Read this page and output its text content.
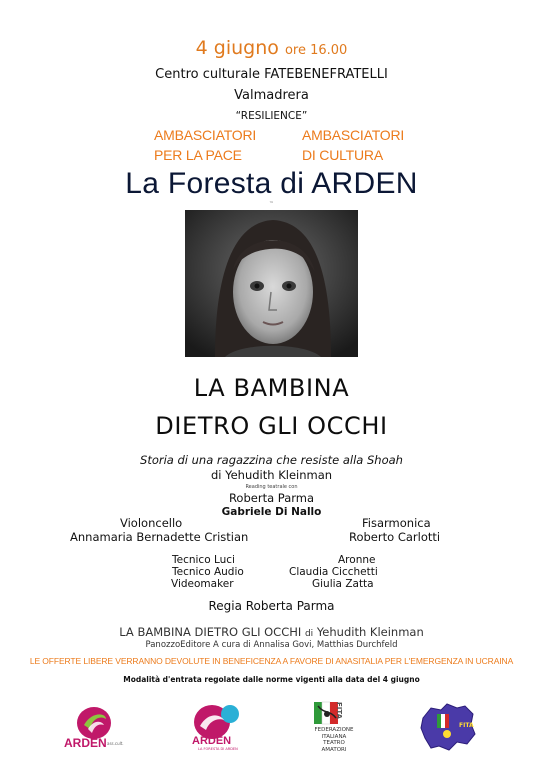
4 giugno ore 16.00
Centro culturale FATEBENEFRATELLI
Valmadrera
“RESILIENCE”
AMBASCIATORI
PER LA PACE
AMBASCIATORI
DI CULTURA
La Foresta di ARDEN
™
LA BAMBINA
DIETRO GLI OCCHI
Storia di una ragazzina che resiste alla Shoah
di Yehudith Kleinman
Reading teatrale con
Roberta Parma
Gabriele Di Nallo
Violoncello
Annamaria Bernadette Cristian
Fisarmonica
Roberto Carlotti
Tecnico Luci
Tecnico Audio
Videomaker
Aronne
Claudia Cicchetti
Giulia Zatta
Regia Roberta Parma
LA BAMBINA DIETRO GLI OCCHI di Yehudith Kleinman
PanozzoEditore A cura di Annalisa Govi, Matthias Durchfeld
LE OFFERTE LIBERE VERRANNO DEVOLUTE IN BENEFICENZA A FAVORE DI ANASITALIA PER L'EMERGENZA IN UCRAINA
Modalità d'entrata regolate dalle norme vigenti alla data del 4 giugno
ARDEN ass.cult.	ARDEN
LA FORESTA DI ARDEN
FITA
FEDERAZIONE
ITALIANA
TEATRO
AMATORI
FITA
